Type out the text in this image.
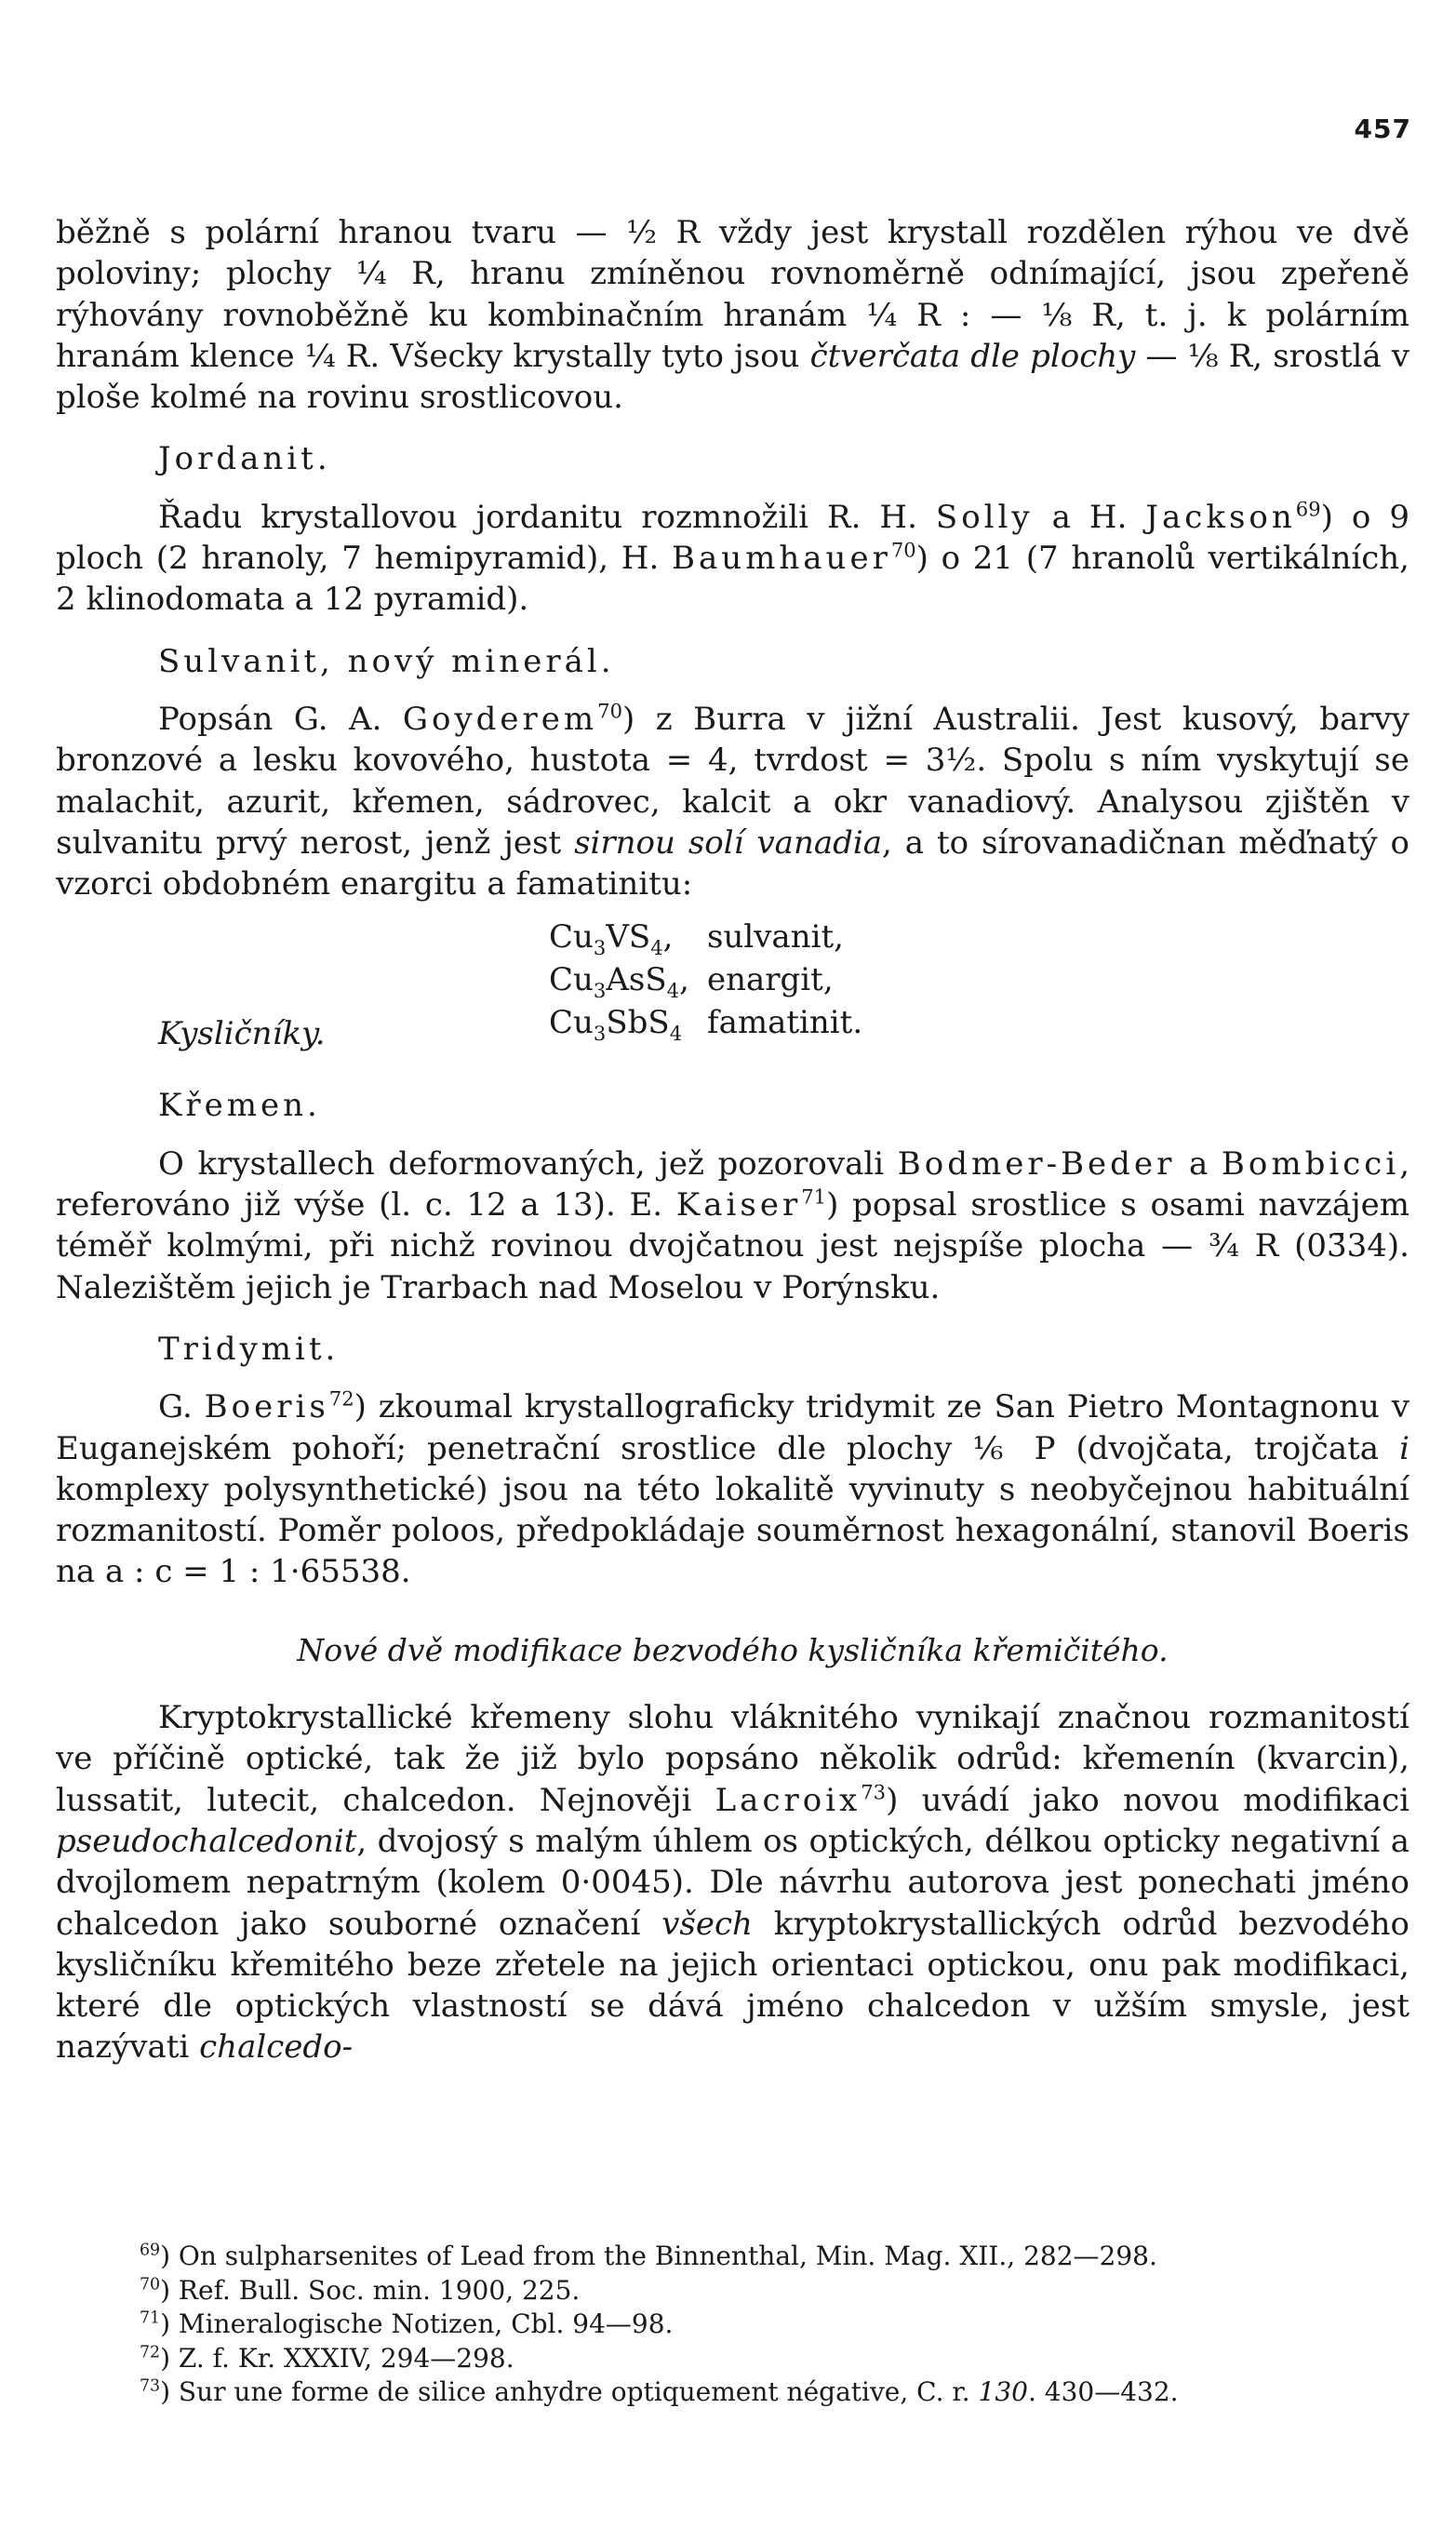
457

běžně s polární hranou tvaru — ½ R vždy jest krystall rozdělen rýhou ve dvě poloviny; plochy ¼ R, hranu zmíněnou rovnoměrně odnímající, jsou zpeřeně rýhovány rovnoběžně ku kombinačním hranám ¼ R : — ⅛ R, t. j. k polárním hranám klence ¼ R. Všecky krystally tyto jsou čtverčata dle plochy — ⅛ R, srostlá v ploše kolmé na rovinu srostlicovou.

Jordanit.

Řadu krystallovou jordanitu rozmnožili R. H. Solly a H. Jackson$^{69}$) o 9 ploch (2 hranoly, 7 hemipyramid), H. Baumhauer$^{70}$) o 21 (7 hranolů vertikálních, 2 klinodomata a 12 pyramid).

Sulvanit, nový minerál.

Popsán G. A. Goyderem$^{70}$) z Burra v jižní Australii. Jest kusový, barvy bronzové a lesku kovového, hustota = 4, tvrdost = 3½. Spolu s ním vyskytují se malachit, azurit, křemen, sádrovec, kalcit a okr vanadiový. Analysou zjištěn v sulvanitu prvý nerost, jenž jest sirnou solí vanadia, a to sírovanadičnan měďnatý o vzorci obdobném enargitu a famatinitu:

$Cu_3VS_4$, sulvanit,
$Cu_3AsS_4$, enargit,
$Cu_3SbS_4$ famatinit.
Kysličníky.
Křemen.

O krystallech deformovaných, jež pozorovali Bodmer-Beder a Bombicci, referováno již výše (l. c. 12 a 13). E. Kaiser$^{71}$) popsal srostlice s osami navzájem téměř kolmými, při nichž rovinou dvojčatnou jest nejspíše plocha — ¾ R (03̄34). Nalezištěm jejich je Trarbach nad Moselou v Porýnsku.

Tridymit.

G. Boeris$^{72}$) zkoumal krystallograficky tridymit ze San Pietro Montagnonu v Euganejském pohoří; penetrační srostlice dle plochy ⅙ P (dvojčata, trojčata i komplexy polysynthetické) jsou na této lokalitě vyvinuty s neobyčejnou habituální rozmanitostí. Poměr poloos, předpokládaje souměrnost hexagonální, stanovil Boeris na a : c = 1 : 1·65538.

Nové dvě modifikace bezvodého kysličníka křemičitého.

Kryptokrystallické křemeny slohu vláknitého vynikají značnou rozmanitostí ve příčině optické, tak že již bylo popsáno několik odrůd: křemenín (kvarcin), lussatit, lutecit, chalcedon. Nejnověji Lacroix$^{73}$) uvádí jako novou modifikaci pseudochalcedonit, dvojosý s malým úhlem os optických, délkou opticky negativní a dvojlomem nepatrným (kolem 0·0045). Dle návrhu autorova jest ponechati jméno chalcedon jako souborné označení všech kryptokrystallických odrůd bezvodého kysličníku křemitého beze zřetele na jejich orientaci optickou, onu pak modifikaci, které dle optických vlastností se dává jméno chalcedon v užším smysle, jest nazývati chalcedo-

$^{69}$) On sulpharsenites of Lead from the Binnenthal, Min. Mag. XII., 282—298.
$^{70}$) Ref. Bull. Soc. min. 1900, 225.
$^{71}$) Mineralogische Notizen, Cbl. 94—98.
$^{72}$) Z. f. Kr. XXXIV, 294—298.
$^{73}$) Sur une forme de silice anhydre optiquement négative, C. r. 130. 430—432.
